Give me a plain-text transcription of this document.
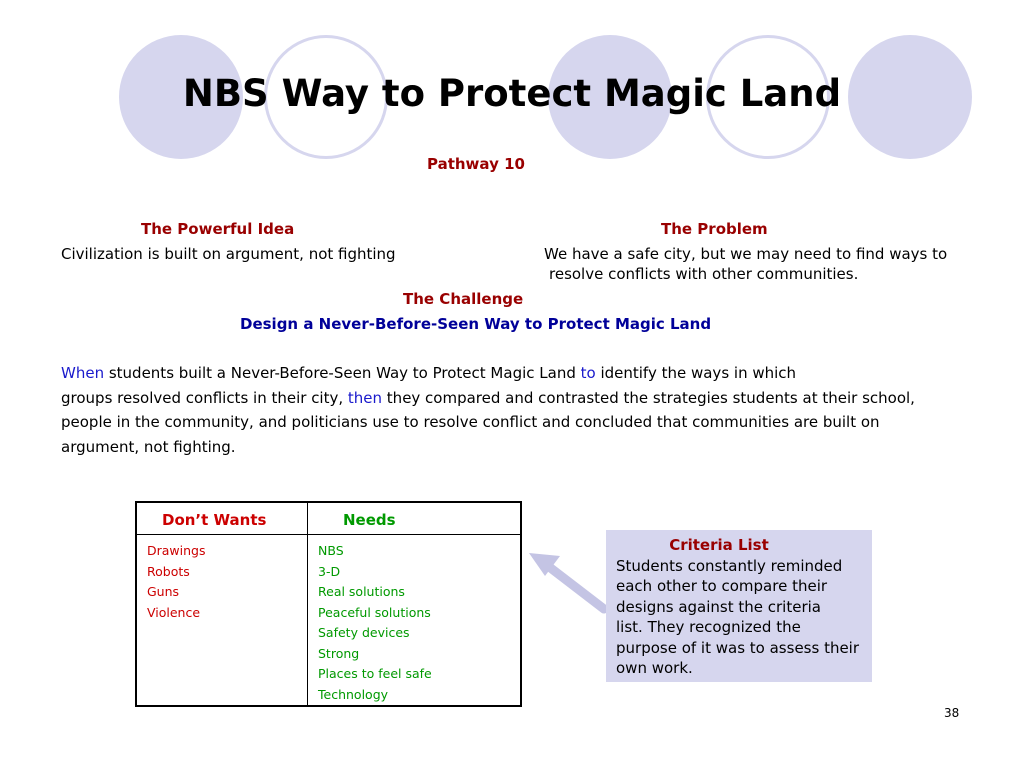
NBS Way to Protect Magic Land
Pathway 10
The Powerful Idea
Civilization is built on argument, not fighting
The Problem
We have a safe city, but we may need to find ways to
resolve conflicts with other communities.
The Challenge
Design a Never-Before-Seen Way to Protect Magic Land
When students built a Never-Before-Seen Way to Protect Magic Land to identify the ways in which
groups resolved conflicts in their city, then they compared and contrasted the strategies students at their school,
people in the community, and politicians use to resolve conflict and concluded that communities are built on
argument, not fighting.
Don’t Wants	Needs
Drawings
Robots
Guns
Violence
NBS
3-D
Real solutions
Peaceful solutions
Safety devices
Strong
Places to feel safe
Technology
Criteria List
Students constantly reminded
each other to compare their
designs against the criteria
list. They recognized the
purpose of it was to assess their
own work.
38
